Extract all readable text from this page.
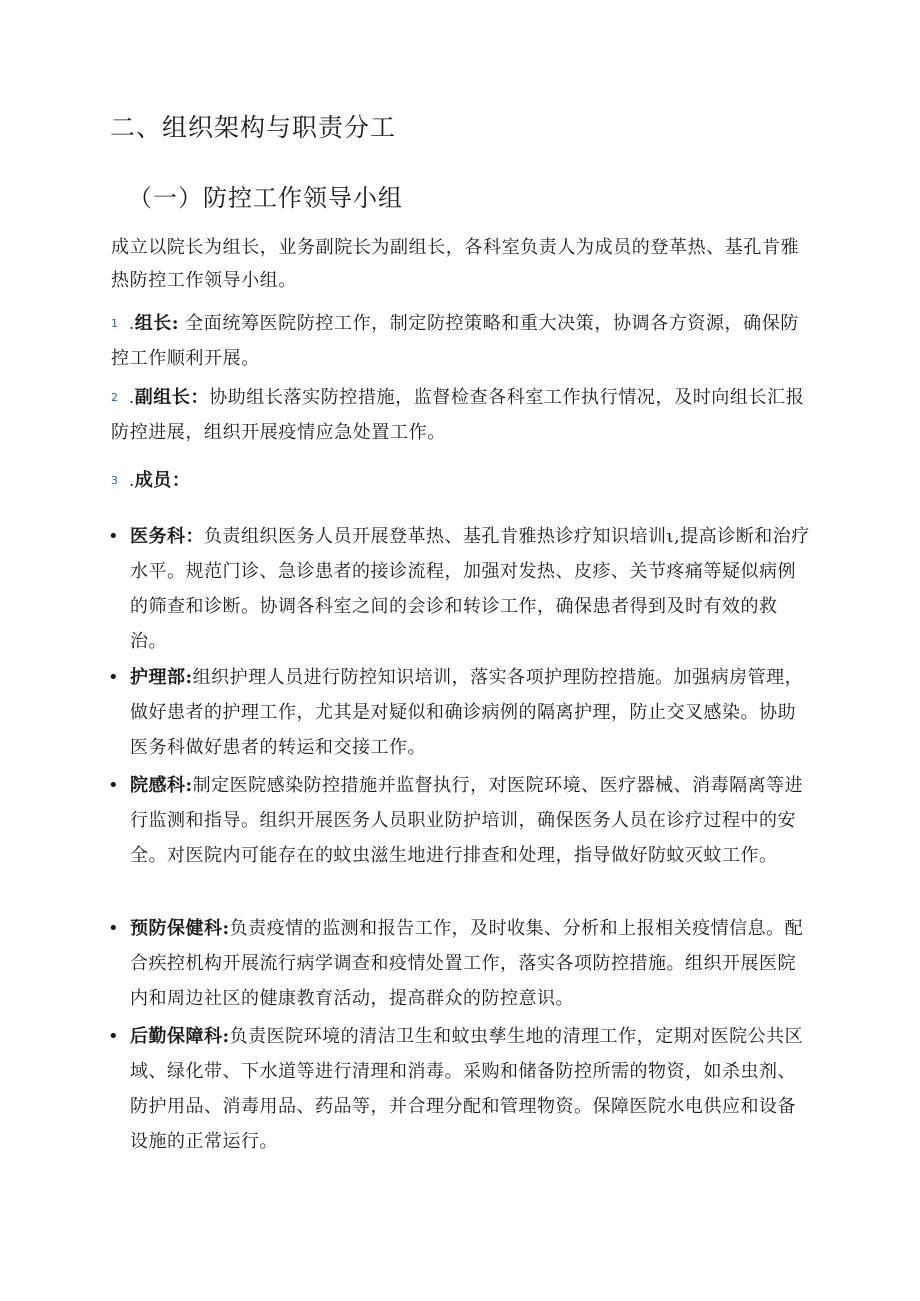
二、组织架构与职责分工
（一）防控工作领导小组
成立以院长为组长，业务副院长为副组长，各科室负责人为成员的登革热、基孔肯雅热防控工作领导小组。
1 .组长: 全面统筹医院防控工作，制定防控策略和重大决策，协调各方资源，确保防控工作顺利开展。
2 .副组长：协助组长落实防控措施，监督检查各科室工作执行情况，及时向组长汇报防控进展，组织开展疫情应急处置工作。
3 .成员：
• 医务科：负责组织医务人员开展登革热、基孔肯雅热诊疗知识培训ι,提高诊断和治疗水平。规范门诊、急诊患者的接诊流程，加强对发热、皮疹、关节疼痛等疑似病例的筛查和诊断。协调各科室之间的会诊和转诊工作，确保患者得到及时有效的救治。
• 护理部:组织护理人员进行防控知识培训，落实各项护理防控措施。加强病房管理，做好患者的护理工作，尤其是对疑似和确诊病例的隔离护理，防止交叉感染。协助医务科做好患者的转运和交接工作。
• 院感科:制定医院感染防控措施并监督执行，对医院环境、医疗器械、消毒隔离等进行监测和指导。组织开展医务人员职业防护培训，确保医务人员在诊疗过程中的安全。对医院内可能存在的蚊虫滋生地进行排查和处理，指导做好防蚊灭蚊工作。
• 预防保健科:负责疫情的监测和报告工作，及时收集、分析和上报相关疫情信息。配合疾控机构开展流行病学调查和疫情处置工作，落实各项防控措施。组织开展医院内和周边社区的健康教育活动，提高群众的防控意识。
• 后勤保障科:负责医院环境的清洁卫生和蚊虫孳生地的清理工作，定期对医院公共区域、绿化带、下水道等进行清理和消毒。采购和储备防控所需的物资，如杀虫剂、防护用品、消毒用品、药品等，并合理分配和管理物资。保障医院水电供应和设备设施的正常运行。
